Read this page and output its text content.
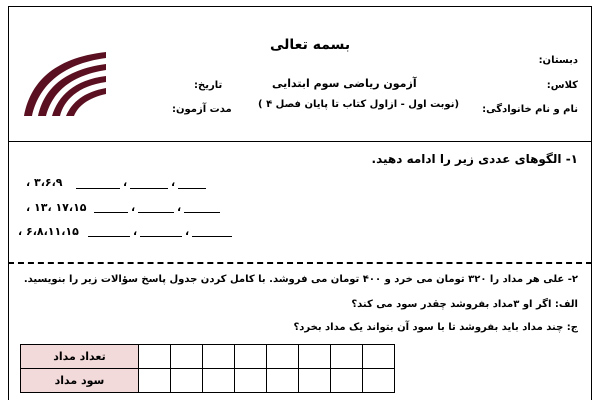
بسمه تعالی
دبستان:
کلاس:
نام و نام خانوادگی:
آزمون ریاضی سوم ابتدایی
(نوبت اول - ازاول کتاب تا پایان فصل ۴ )
تاریخ:
مدت آزمون:
۱- الگوهای عددی زیر را ادامه دهید.
۳،۶،۹ ،	،	،
۱۷،۱۵ ،۱۳ ،	،	،
۶،۸،۱۱،۱۵ ،	،	،
۲- علی هر مداد را ۳۲۰ تومان می خرد و ۴۰۰ تومان می فروشد. با کامل کردن جدول پاسخ سؤالات زیر را بنویسید.
الف: اگر او ۳مداد بفروشد چقدر سود می کند؟
ج: چند مداد باید بفروشد تا با سود آن بتواند یک مداد بخرد؟
تعداد مداد								
سود مداد								
